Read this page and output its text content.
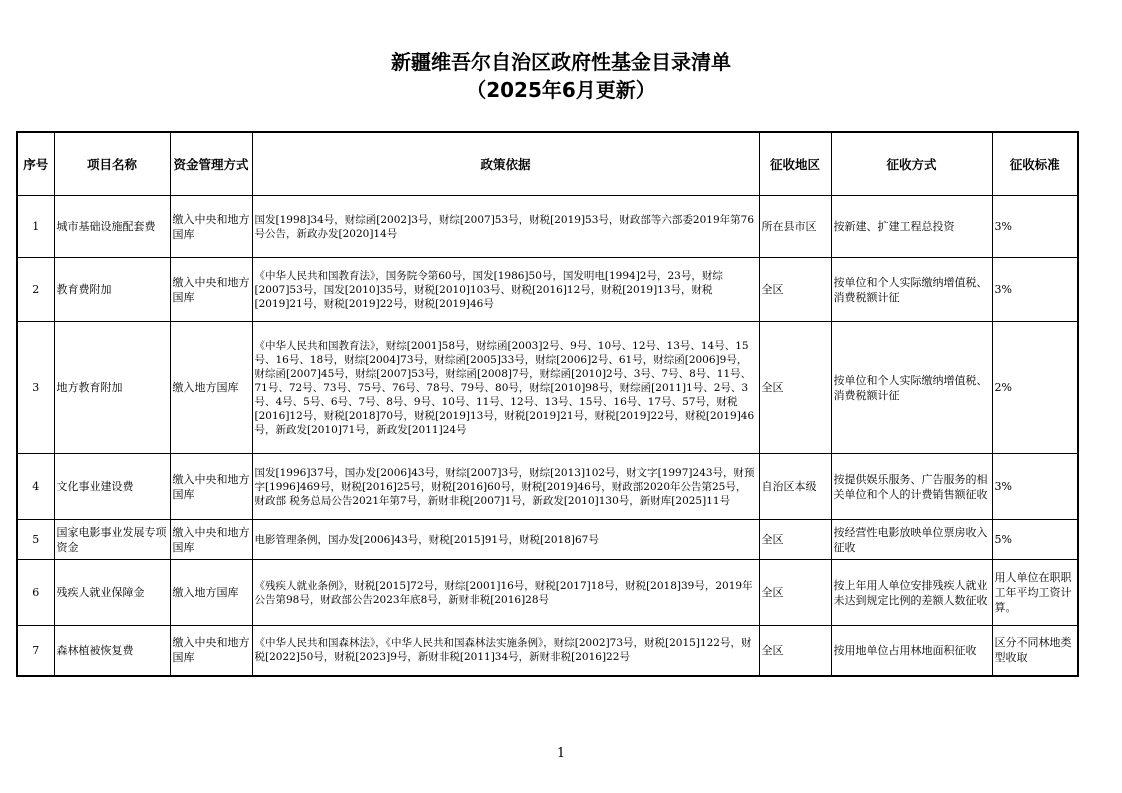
新疆维吾尔自治区政府性基金目录清单
（2025年6月更新）
序号	项目名称	资金管理方式	政策依据	征收地区	征收方式	征收标准
1	城市基础设施配套费	缴入中央和地方国库	国发[1998]34号，财综函[2002]3号，财综[2007]53号，财税[2019]53号，财政部等六部委2019年第76号公告，新政办发[2020]14号	所在县市区	按新建、扩建工程总投资	3%
2	教育费附加	缴入中央和地方国库	《中华人民共和国教育法》，国务院令第60号，国发[1986]50号，国发明电[1994]2号，23号，财综[2007]53号，国发[2010]35号，财税[2010]103号、财税[2016]12号，财税[2019]13号，财税[2019]21号，财税[2019]22号，财税[2019]46号	全区	按单位和个人实际缴纳增值税、消费税额计征	3%
3	地方教育附加	缴入地方国库	《中华人民共和国教育法》，财综[2001]58号，财综函[2003]2号、9号、10号、12号、13号、14号、15号、16号、18号，财综[2004]73号，财综函[2005]33号，财综[2006]2号、61号，财综函[2006]9号，财综函[2007]45号，财综[2007]53号，财综函[2008]7号，财综函[2010]2号、3号、7号、8号、11号、71号、72号、73号、75号、76号、78号、79号、80号，财综[2010]98号，财综函[2011]1号、2号、3号、4号、5号、6号、7号、8号、9号、10号、11号、12号、13号、15号、16号、17号、57号，财税[2016]12号，财税[2018]70号，财税[2019]13号，财税[2019]21号，财税[2019]22号，财税[2019]46号，新政发[2010]71号，新政发[2011]24号	全区	按单位和个人实际缴纳增值税、消费税额计征	2%
4	文化事业建设费	缴入中央和地方国库	国发[1996]37号，国办发[2006]43号，财综[2007]3号，财综[2013]102号，财文字[1997]243号，财预字[1996]469号，财税[2016]25号，财税[2016]60号，财税[2019]46号，财政部2020年公告第25号，财政部 税务总局公告2021年第7号，新财非税[2007]1号，新政发[2010]130号，新财库[2025]11号	自治区本级	按提供娱乐服务、广告服务的相关单位和个人的计费销售额征收	3%
5	国家电影事业发展专项资金	缴入中央和地方国库	电影管理条例，国办发[2006]43号，财税[2015]91号，财税[2018]67号	全区	按经营性电影放映单位票房收入征收	5%
6	残疾人就业保障金	缴入地方国库	《残疾人就业条例》，财税[2015]72号，财综[2001]16号，财税[2017]18号，财税[2018]39号，2019年公告第98号，财政部公告2023年底8号，新财非税[2016]28号	全区	按上年用人单位安排残疾人就业未达到规定比例的差额人数征收	用人单位在职职工年平均工资计算。
7	森林植被恢复费	缴入中央和地方国库	《中华人民共和国森林法》，《中华人民共和国森林法实施条例》，财综[2002]73号，财税[2015]122号，财税[2022]50号，财税[2023]9号，新财非税[2011]34号，新财非税[2016]22号	全区	按用地单位占用林地面积征收	区分不同林地类型收取
1
